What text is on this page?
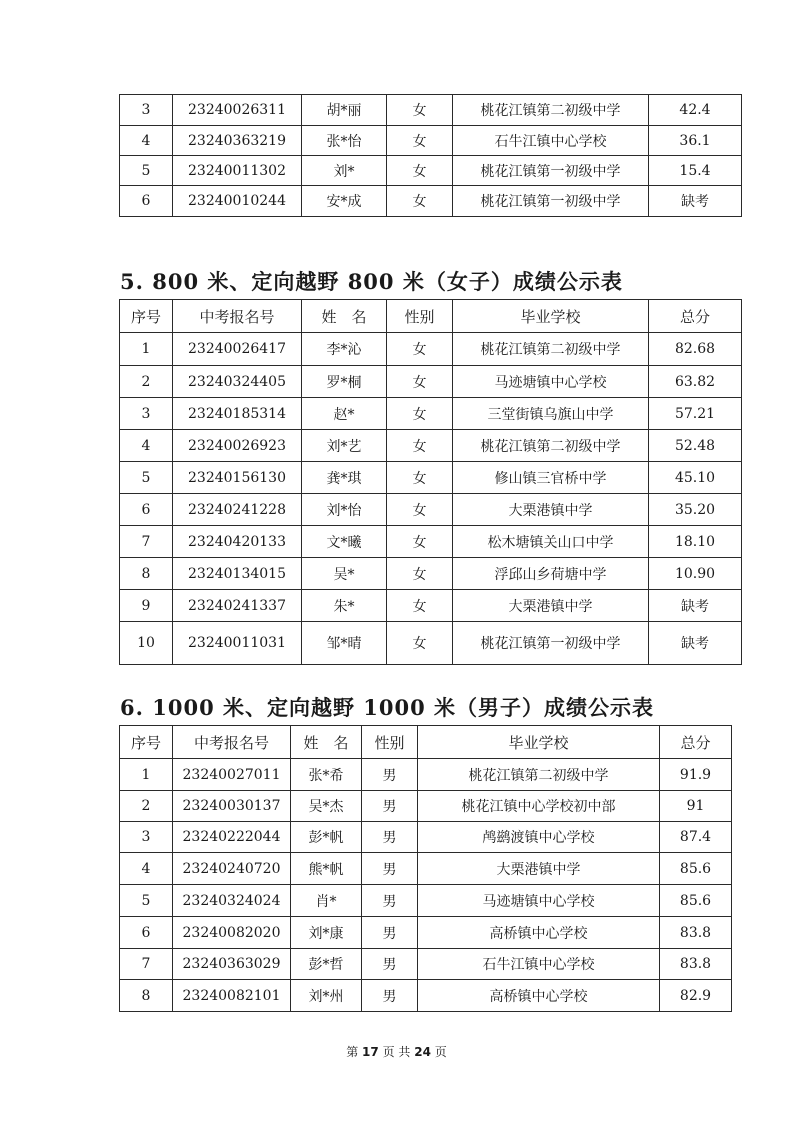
3	23240026311	胡*丽	女	桃花江镇第二初级中学	42.4
4	23240363219	张*怡	女	石牛江镇中心学校	36.1
5	23240011302	刘*	女	桃花江镇第一初级中学	15.4
6	23240010244	安*成	女	桃花江镇第一初级中学	缺考
5. 800 米、定向越野 800 米（女子）成绩公示表
序号	中考报名号	姓　名	性别	毕业学校	总分
1	23240026417	李*沁	女	桃花江镇第二初级中学	82.68
2	23240324405	罗*桐	女	马迹塘镇中心学校	63.82
3	23240185314	赵*	女	三堂街镇乌旗山中学	57.21
4	23240026923	刘*艺	女	桃花江镇第二初级中学	52.48
5	23240156130	龚*琪	女	修山镇三官桥中学	45.10
6	23240241228	刘*怡	女	大栗港镇中学	35.20
7	23240420133	文*曦	女	松木塘镇关山口中学	18.10
8	23240134015	吴*	女	浮邱山乡荷塘中学	10.90
9	23240241337	朱*	女	大栗港镇中学	缺考
10	23240011031	邹*晴	女	桃花江镇第一初级中学	缺考
6. 1000 米、定向越野 1000 米（男子）成绩公示表
序号	中考报名号	姓　名	性别	毕业学校	总分
1	23240027011	张*希	男	桃花江镇第二初级中学	91.9
2	23240030137	吴*杰	男	桃花江镇中心学校初中部	91
3	23240222044	彭*帆	男	鸬鹚渡镇中心学校	87.4
4	23240240720	熊*帆	男	大栗港镇中学	85.6
5	23240324024	肖*	男	马迹塘镇中心学校	85.6
6	23240082020	刘*康	男	高桥镇中心学校	83.8
7	23240363029	彭*哲	男	石牛江镇中心学校	83.8
8	23240082101	刘*州	男	高桥镇中心学校	82.9
第 17 页 共 24 页
